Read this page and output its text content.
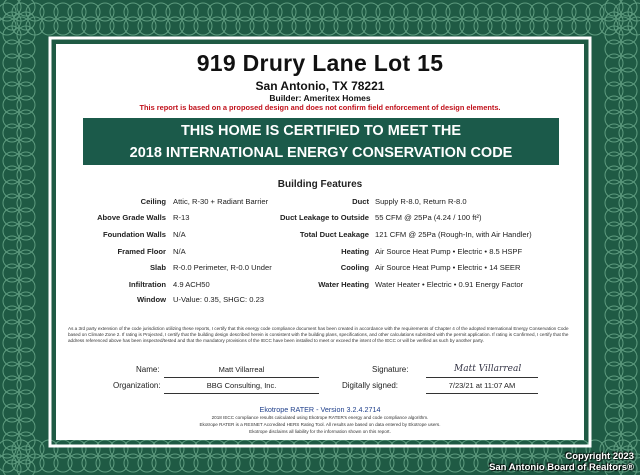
919 Drury Lane Lot 15
San Antonio, TX 78221
Builder: Ameritex Homes
This report is based on a proposed design and does not confirm field enforcement of design elements.
THIS HOME IS CERTIFIED TO MEET THE
2018 INTERNATIONAL ENERGY CONSERVATION CODE
Building Features
Ceiling Attic, R-30 + Radiant Barrier
Above Grade Walls R-13
Foundation Walls N/A
Framed Floor N/A
Slab R-0.0 Perimeter, R-0.0 Under
Infiltration 4.9 ACH50
Window U-Value: 0.35, SHGC: 0.23
Duct Supply R-8.0, Return R-8.0
Duct Leakage to Outside 55 CFM @ 25Pa (4.24 / 100 ft²)
Total Duct Leakage 121 CFM @ 25Pa (Rough-In, with Air Handler)
Heating Air Source Heat Pump • Electric • 8.5 HSPF
Cooling Air Source Heat Pump • Electric • 14 SEER
Water Heating Water Heater • Electric • 0.91 Energy Factor
As a 3rd party extension of the code jurisdiction utilizing these reports, I certify that this energy code compliance document has been created in accordance with the requirements of Chapter 4 of the adopted International Energy Conservation Code based on Climate Zone 2. If rating is Projected, I certify that the building design described herein is consistent with the building plans, specifications, and other calculations submitted with the permit application. If rating is Confirmed, I certify that the address referenced above has been inspected/tested and that the mandatory provisions of the IECC have been installed to meet or exceed the intent of the IECC or will be verified as such by another party.
Name:	Matt Villarreal
Organization:	BBG Consulting, Inc.
Signature:	Matt Villarreal
Digitally signed:	7/23/21 at 11:07 AM
Ekotrope RATER - Version 3.2.4.2714
2018 IECC compliance results calculated using Ekotrope RATER's energy and code compliance algorithm.
Ekotrope RATER is a RESNET Accredited HERS Rating Tool. All results are based on data entered by Ekotrope users.
Ekotrope disclaims all liability for the information shown on this report.
Copyright 2023
San Antonio Board of Realtors®
